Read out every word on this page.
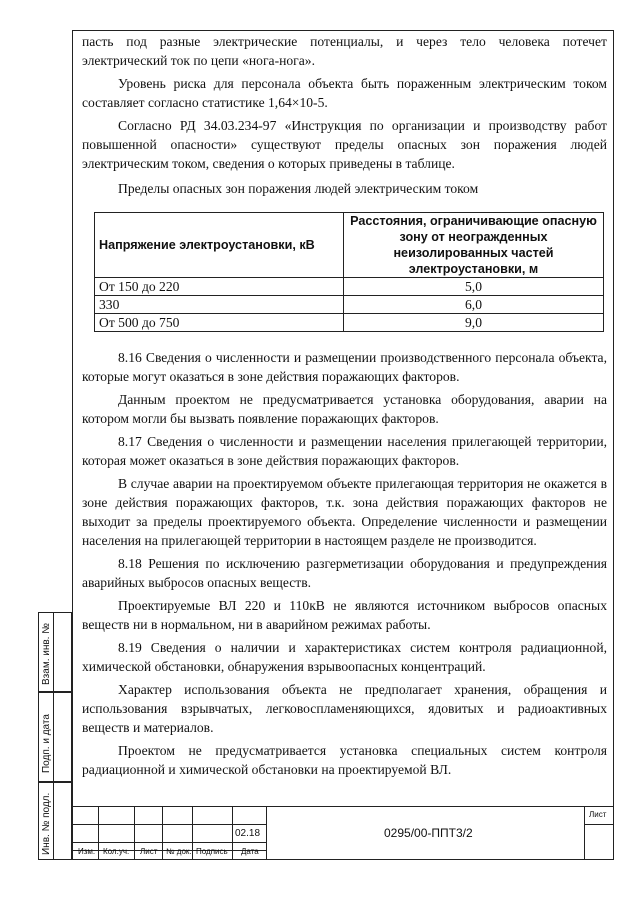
пасть под разные электрические потенциалы, и через тело человека потечет электрический ток по цепи «нога-нога».

Уровень риска для персонала объекта быть пораженным электрическим током составляет согласно статистике 1,64×10-5.

Согласно РД 34.03.234-97 «Инструкция по организации и производству работ повышенной опасности» существуют пределы опасных зон поражения людей электрическим током, сведения о которых приведены в таблице.

Пределы опасных зон поражения людей электрическим током

Напряжение электроустановки, кВ	Расстояния, ограничивающие опасную зону от неогражденных неизолированных частей электроустановки, м
От 150 до 220	5,0
330	6,0
От 500 до 750	9,0

8.16 Сведения о численности и размещении производственного персонала объекта, которые могут оказаться в зоне действия поражающих факторов.

Данным проектом не предусматривается установка оборудования, аварии на котором могли бы вызвать появление поражающих факторов.

8.17 Сведения о численности и размещении населения прилегающей территории, которая может оказаться в зоне действия поражающих факторов.

В случае аварии на проектируемом объекте прилегающая территория не окажется в зоне действия поражающих факторов, т.к. зона действия поражающих факторов не выходит за пределы проектируемого объекта. Определение численности и размещении населения на прилегающей территории в настоящем разделе не производится.

8.18 Решения по исключению разгерметизации оборудования и предупреждения аварийных выбросов опасных веществ.

Проектируемые ВЛ 220 и 110кВ не являются источником выбросов опасных веществ ни в нормальном, ни в аварийном режимах работы.

8.19 Сведения о наличии и характеристиках систем контроля радиационной, химической обстановки, обнаружения взрывоопасных концентраций.

Характер использования объекта не предполагает хранения, обращения и использования взрывчатых, легковоспламеняющихся, ядовитых и радиоактивных веществ и материалов.

Проектом не предусматривается установка специальных систем контроля радиационной и химической обстановки на проектируемой ВЛ.

Взам. инв. №
Подп. и дата
Инв. № подл.	Изм. Кол.уч. Лист № док. Подпись Дата
02.18	0295/00-ППТ3/2
Лист
